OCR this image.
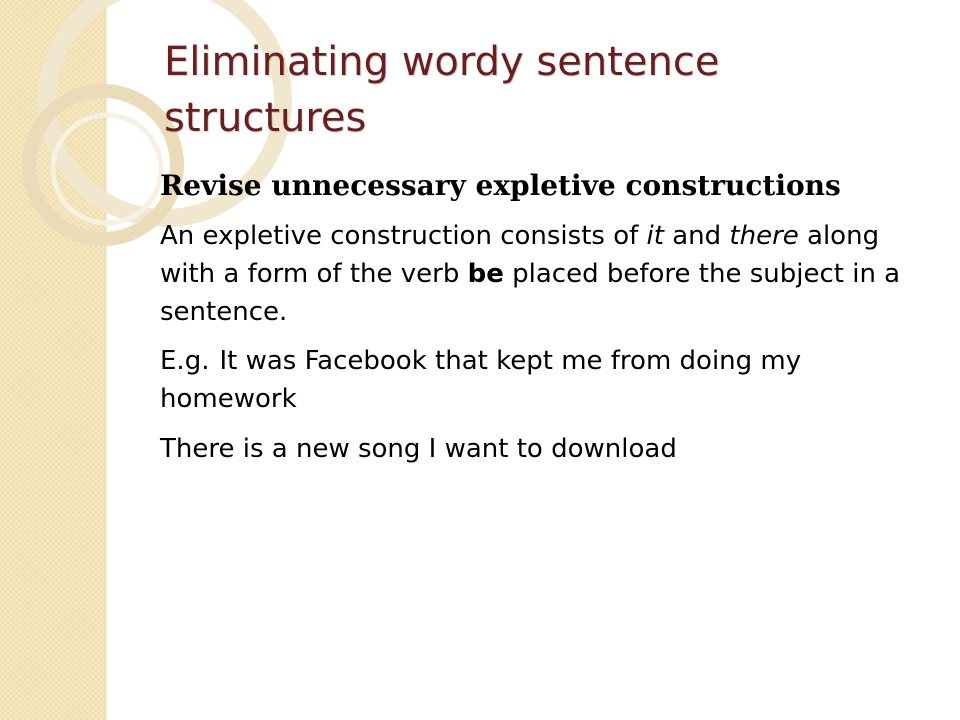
Eliminating wordy sentence structures

Revise unnecessary expletive constructions

An expletive construction consists of it and there along with a form of the verb be placed before the subject in a sentence.

E.g. It was Facebook that kept me from doing my homework

There is a new song I want to download
